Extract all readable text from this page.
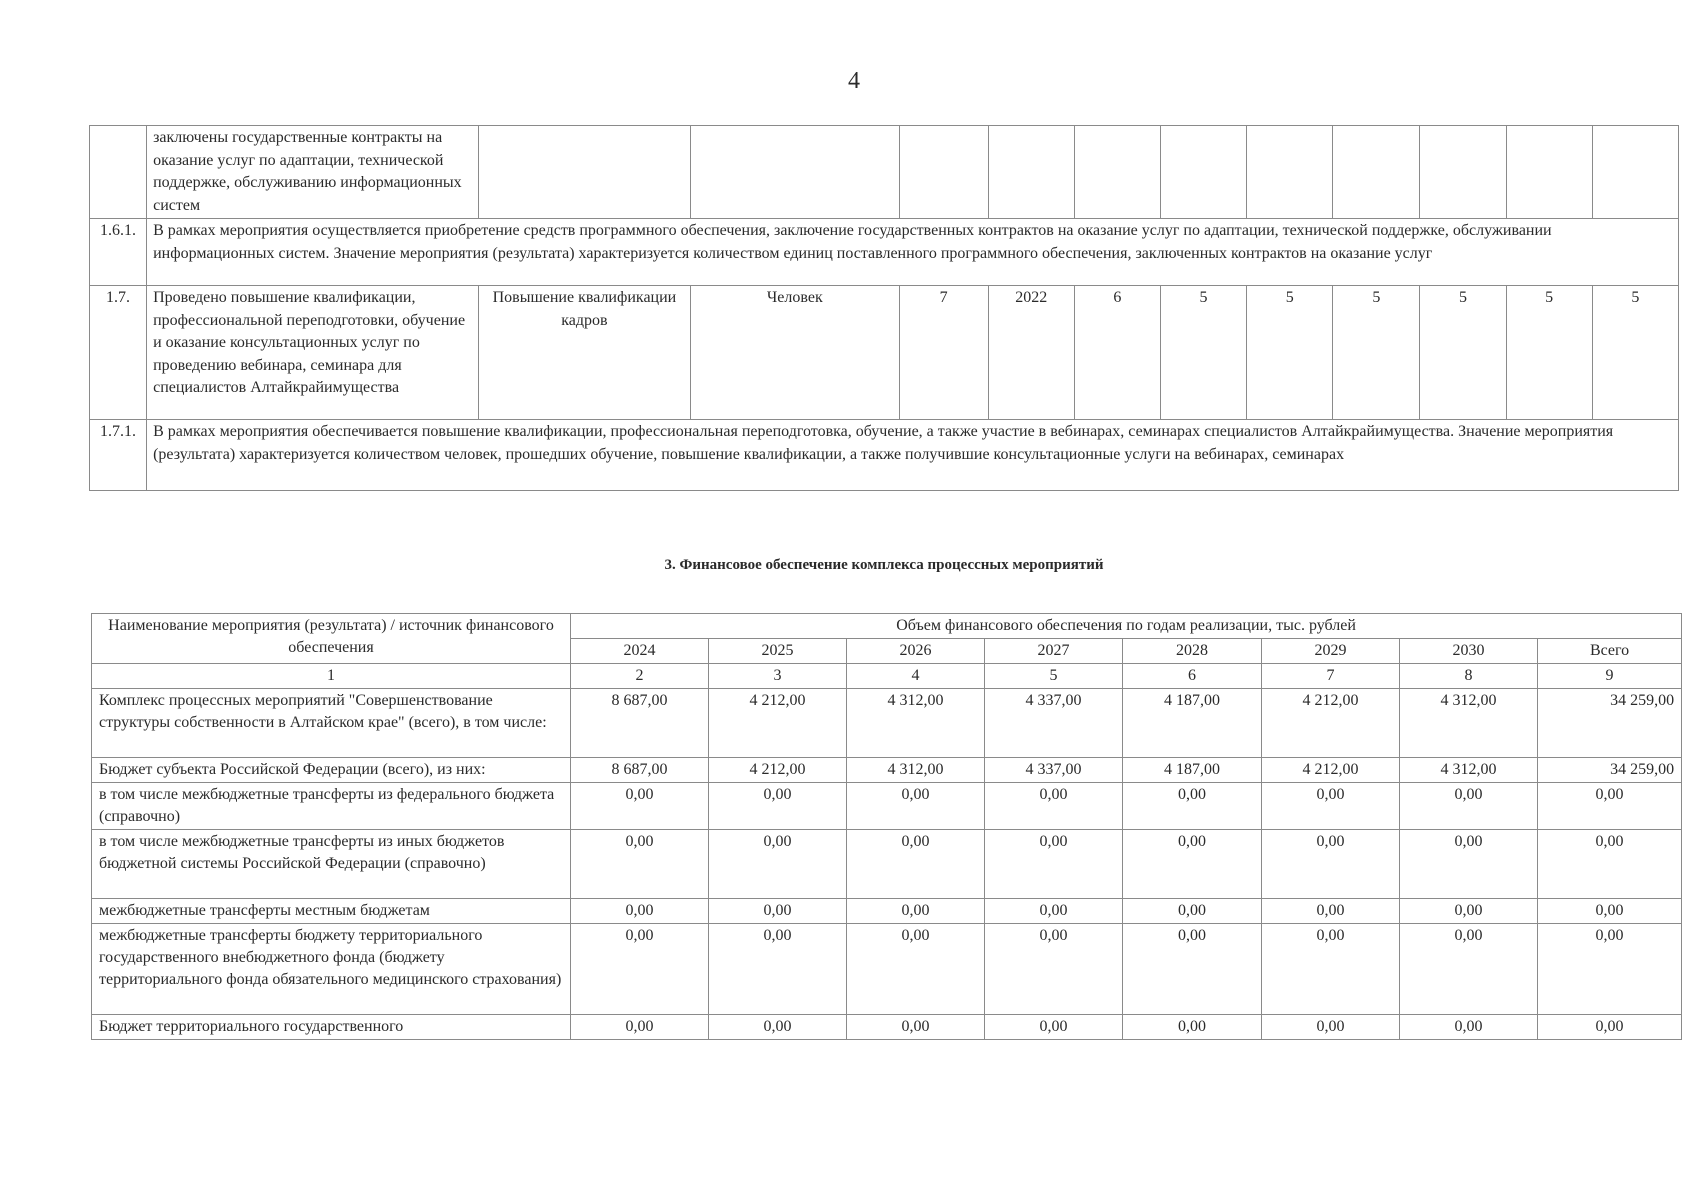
4
	заключены государственные контракты на оказание услуг по адаптации, технической поддержке, обслуживанию информационных систем											
1.6.1.	В рамках мероприятия осуществляется приобретение средств программного обеспечения, заключение государственных контрактов на оказание услуг по адаптации, технической поддержке, обслуживании информационных систем. Значение мероприятия (результата) характеризуется количеством единиц поставленного программного обеспечения, заключенных контрактов на оказание услуг											
1.7.	Проведено повышение квалификации, профессиональной переподготовки, обучение и оказание консультационных услуг по проведению вебинара, семинара для специалистов Алтайкрайимущества	Повышение квалификации кадров	Человек	7	2022	6	5	5	5	5	5	5
1.7.1.	В рамках мероприятия обеспечивается повышение квалификации, профессиональная переподготовка, обучение, а также участие в вебинарах, семинарах специалистов Алтайкрайимущества. Значение мероприятия (результата) характеризуется количеством человек, прошедших обучение, повышение квалификации, а также получившие консультационные услуги на вебинарах, семинарах											
3. Финансовое обеспечение комплекса процессных мероприятий
Наименование мероприятия (результата) / источник финансового обеспечения	Объем финансового обеспечения по годам реализации, тыс. рублей							
	2024	2025	2026	2027	2028	2029	2030	Всего
1	2	3	4	5	6	7	8	9
Комплекс процессных мероприятий "Совершенствование структуры собственности в Алтайском крае" (всего), в том числе:	8 687,00	4 212,00	4 312,00	4 337,00	4 187,00	4 212,00	4 312,00	34 259,00
Бюджет субъекта Российской Федерации (всего), из них:	8 687,00	4 212,00	4 312,00	4 337,00	4 187,00	4 212,00	4 312,00	34 259,00
в том числе межбюджетные трансферты из федерального бюджета (справочно)	0,00	0,00	0,00	0,00	0,00	0,00	0,00	0,00
в том числе межбюджетные трансферты из иных бюджетов бюджетной системы Российской Федерации (справочно)	0,00	0,00	0,00	0,00	0,00	0,00	0,00	0,00
межбюджетные трансферты местным бюджетам	0,00	0,00	0,00	0,00	0,00	0,00	0,00	0,00
межбюджетные трансферты бюджету территориального государственного внебюджетного фонда (бюджету территориального фонда обязательного медицинского страхования)	0,00	0,00	0,00	0,00	0,00	0,00	0,00	0,00
Бюджет территориального государственного	0,00	0,00	0,00	0,00	0,00	0,00	0,00	0,00
